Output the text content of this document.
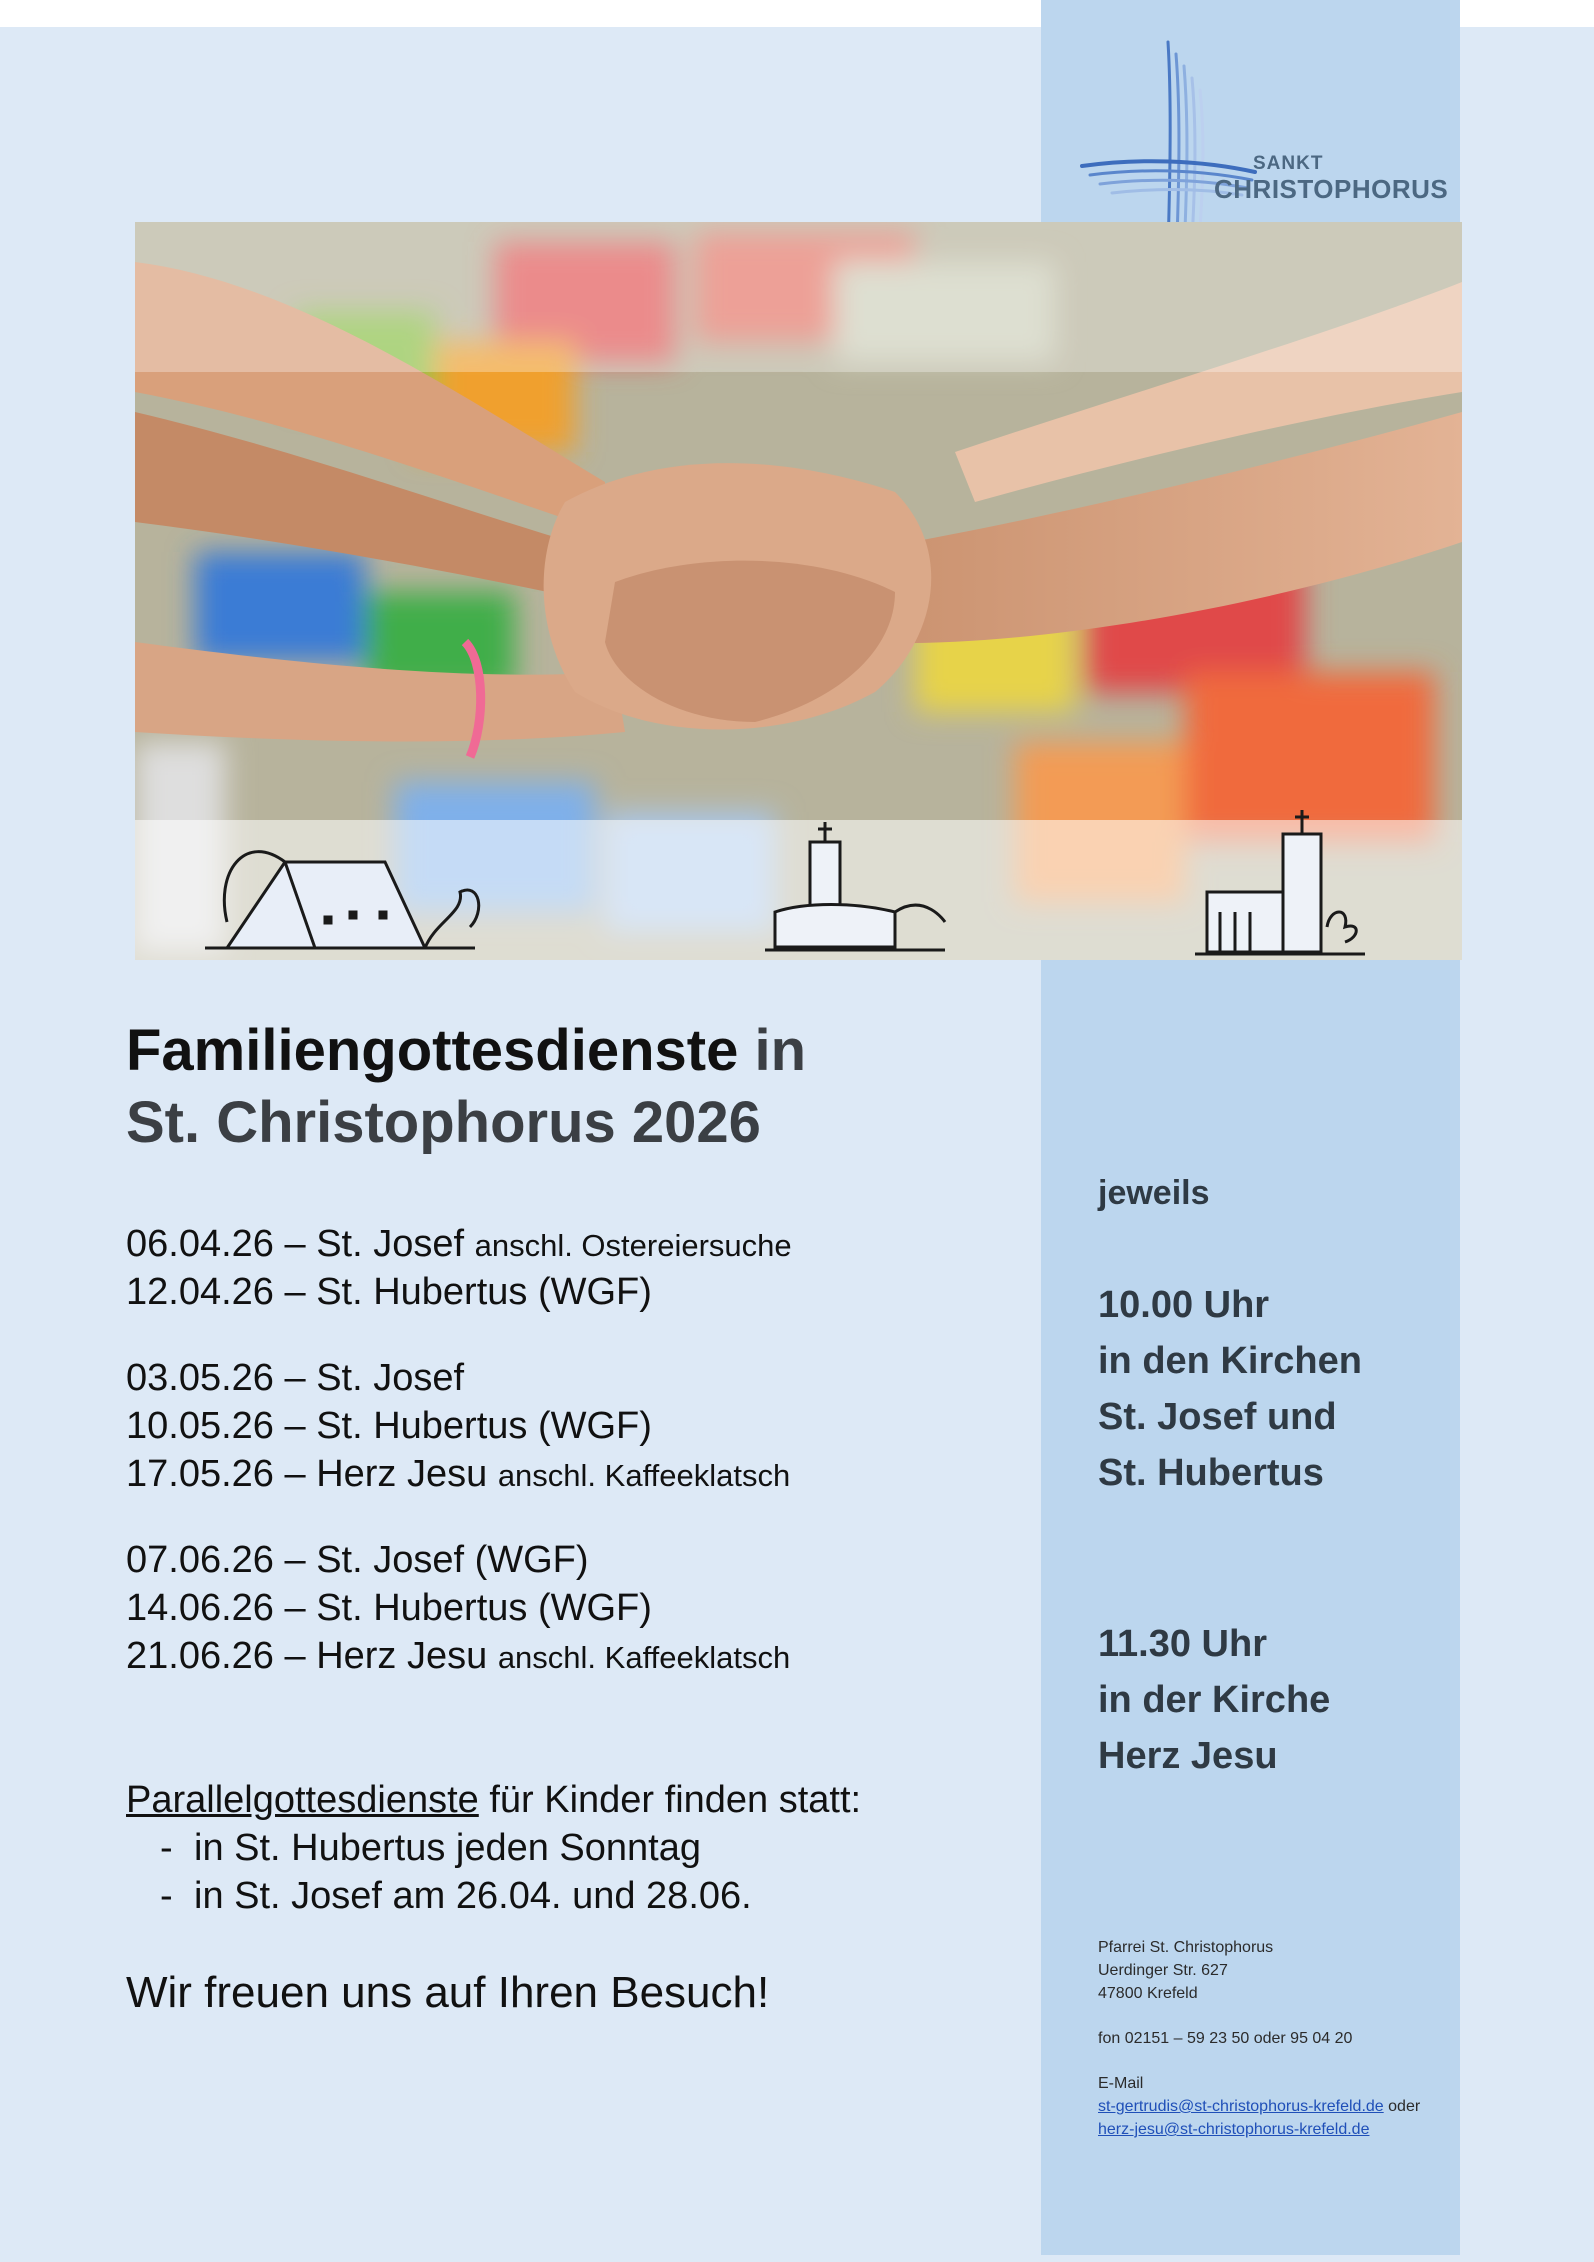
SANKT
CHRISTOPHORUS
Familiengottesdienste in
St. Christophorus 2026
06.04.26 – St. Josef anschl. Ostereiersuche
12.04.26 – St. Hubertus (WGF)
03.05.26 – St. Josef
10.05.26 – St. Hubertus (WGF)
17.05.26 – Herz Jesu anschl. Kaffeeklatsch
07.06.26 – St. Josef (WGF)
14.06.26 – St. Hubertus (WGF)
21.06.26 – Herz Jesu anschl. Kaffeeklatsch
Parallelgottesdienste für Kinder finden statt:
- in St. Hubertus jeden Sonntag
- in St. Josef am 26.04. und 28.06.
Wir freuen uns auf Ihren Besuch!
jeweils
10.00 Uhr
in den Kirchen
St. Josef und
St. Hubertus
11.30 Uhr
in der Kirche
Herz Jesu
Pfarrei St. Christophorus
Uerdinger Str. 627
47800 Krefeld
fon 02151 – 59 23 50 oder 95 04 20
E-Mail
st-gertrudis@st-christophorus-krefeld.de oder
herz-jesu@st-christophorus-krefeld.de
